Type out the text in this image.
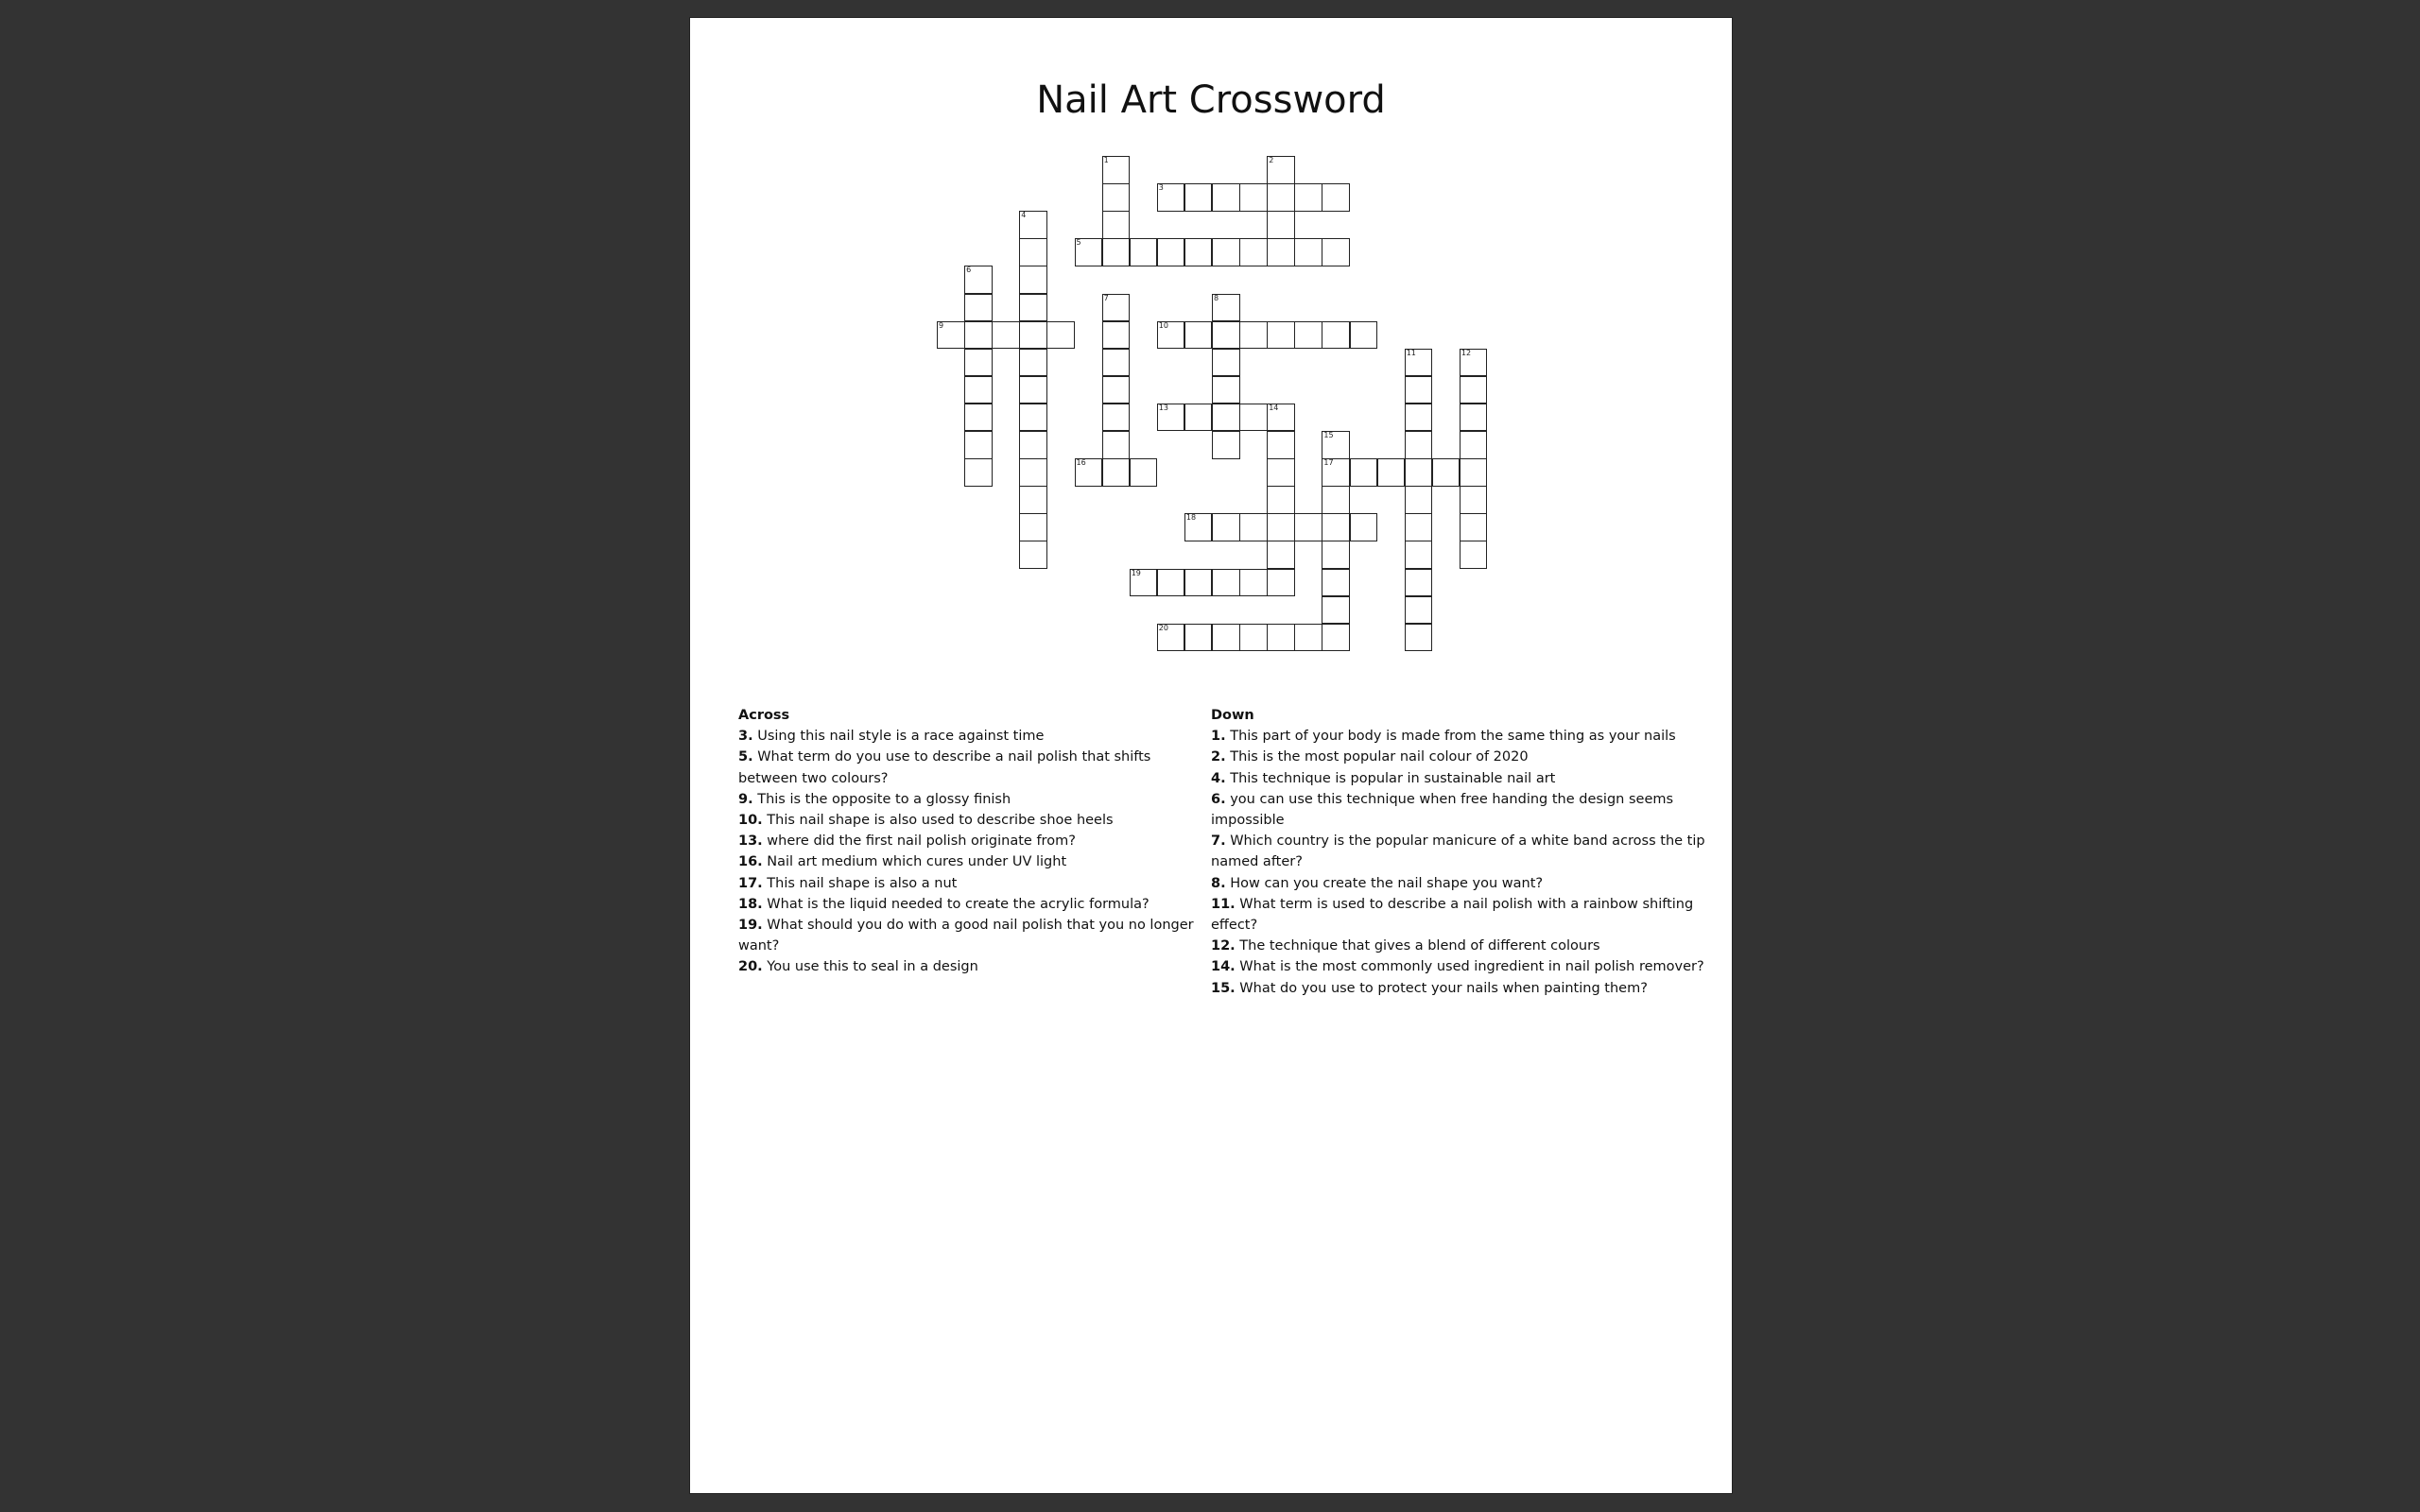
Nail Art Crossword
1	2
3
4
5
6
7	8
9	10
11	12
13	14
15
17
16
18
19
20
Across
3. Using this nail style is a race against time
5. What term do you use to describe a nail polish that shifts between two colours?
9. This is the opposite to a glossy finish
10. This nail shape is also used to describe shoe heels
13. where did the first nail polish originate from?
16. Nail art medium which cures under UV light
17. This nail shape is also a nut
18. What is the liquid needed to create the acrylic formula?
19. What should you do with a good nail polish that you no longer want?
20. You use this to seal in a design
Down
1. This part of your body is made from the same thing as your nails
2. This is the most popular nail colour of 2020
4. This technique is popular in sustainable nail art
6. you can use this technique when free handing the design seems impossible
7. Which country is the popular manicure of a white band across the tip named after?
8. How can you create the nail shape you want?
11. What term is used to describe a nail polish with a rainbow shifting effect?
12. The technique that gives a blend of different colours
14. What is the most commonly used ingredient in nail polish remover?
15. What do you use to protect your nails when painting them?
